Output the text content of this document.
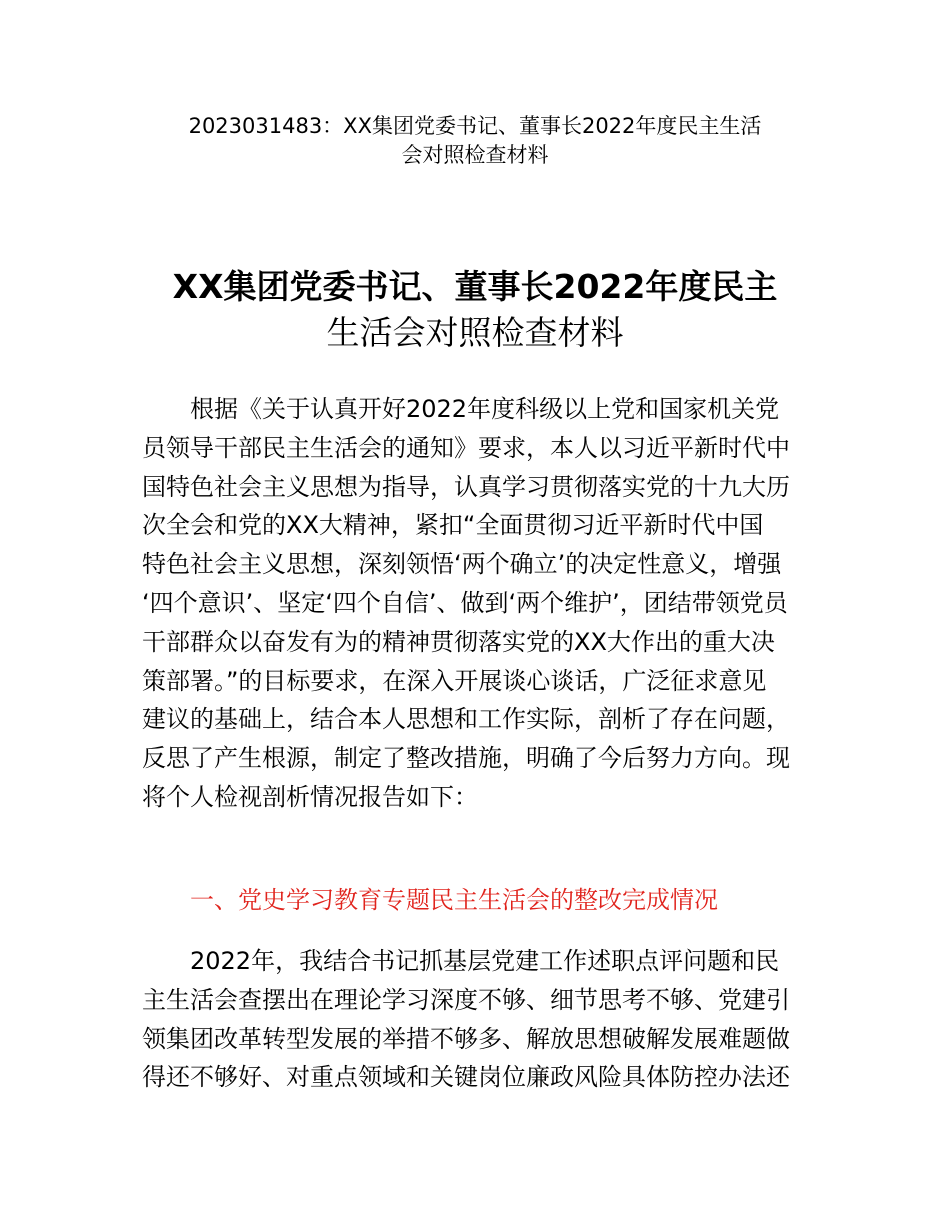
2023031483：XX集团党委书记、董事长2022年度民主生活
会对照检查材料
XX集团党委书记、董事长2022年度民主
生活会对照检查材料
根据《关于认真开好2022年度科级以上党和国家机关党
员领导干部民主生活会的通知》要求，本人以习近平新时代中
国特色社会主义思想为指导，认真学习贯彻落实党的十九大历
次全会和党的XX大精神，紧扣“全面贯彻习近平新时代中国
特色社会主义思想，深刻领悟‘两个确立’的决定性意义，增强
‘四个意识’、坚定‘四个自信’、做到‘两个维护’，团结带领党员
干部群众以奋发有为的精神贯彻落实党的XX大作出的重大决
策部署。”的目标要求，在深入开展谈心谈话，广泛征求意见
建议的基础上，结合本人思想和工作实际，剖析了存在问题，
反思了产生根源，制定了整改措施，明确了今后努力方向。现
将个人检视剖析情况报告如下：
一、党史学习教育专题民主生活会的整改完成情况
2022年，我结合书记抓基层党建工作述职点评问题和民
主生活会查摆出在理论学习深度不够、细节思考不够、党建引
领集团改革转型发展的举措不够多、解放思想破解发展难题做
得还不够好、对重点领域和关键岗位廉政风险具体防控办法还
